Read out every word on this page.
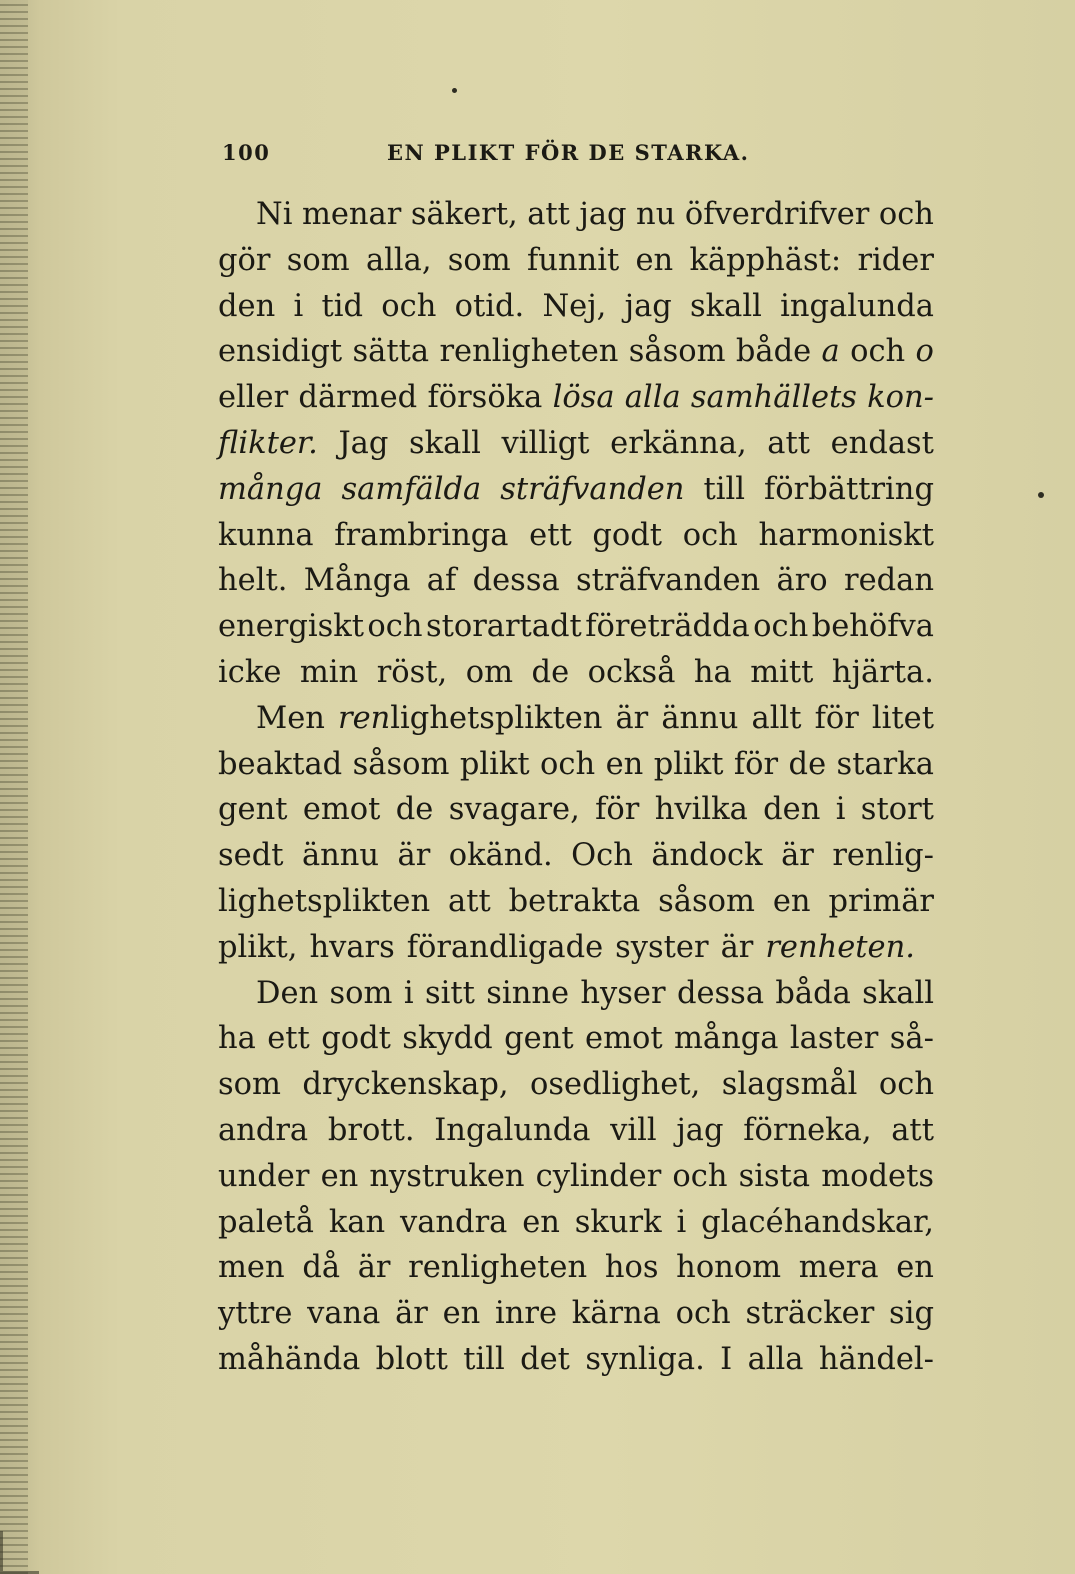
100	EN PLIKT FÖR DE STARKA.
Ni menar säkert, att jag nu öfverdrifver och
gör som alla, som funnit en käpphäst: rider
den i tid och otid. Nej, jag skall ingalunda
ensidigt sätta renligheten såsom både a och o
eller därmed försöka lösa alla samhällets kon-
flikter. Jag skall villigt erkänna, att endast
många samfälda sträfvanden till förbättring
kunna frambringa ett godt och harmoniskt
helt. Många af dessa sträfvanden äro redan
energiskt och storartadt företrädda och behöfva
icke min röst, om de också ha mitt hjärta.
Men renlighetsplikten är ännu allt för litet
beaktad såsom plikt och en plikt för de starka
gent emot de svagare, för hvilka den i stort
sedt ännu är okänd. Och ändock är renlig-
lighetsplikten att betrakta såsom en primär
plikt, hvars förandligade syster är renheten.
Den som i sitt sinne hyser dessa båda skall
ha ett godt skydd gent emot många laster så-
som dryckenskap, osedlighet, slagsmål och
andra brott. Ingalunda vill jag förneka, att
under en nystruken cylinder och sista modets
paletå kan vandra en skurk i glacéhandskar,
men då är renligheten hos honom mera en
yttre vana är en inre kärna och sträcker sig
måhända blott till det synliga. I alla händel-
